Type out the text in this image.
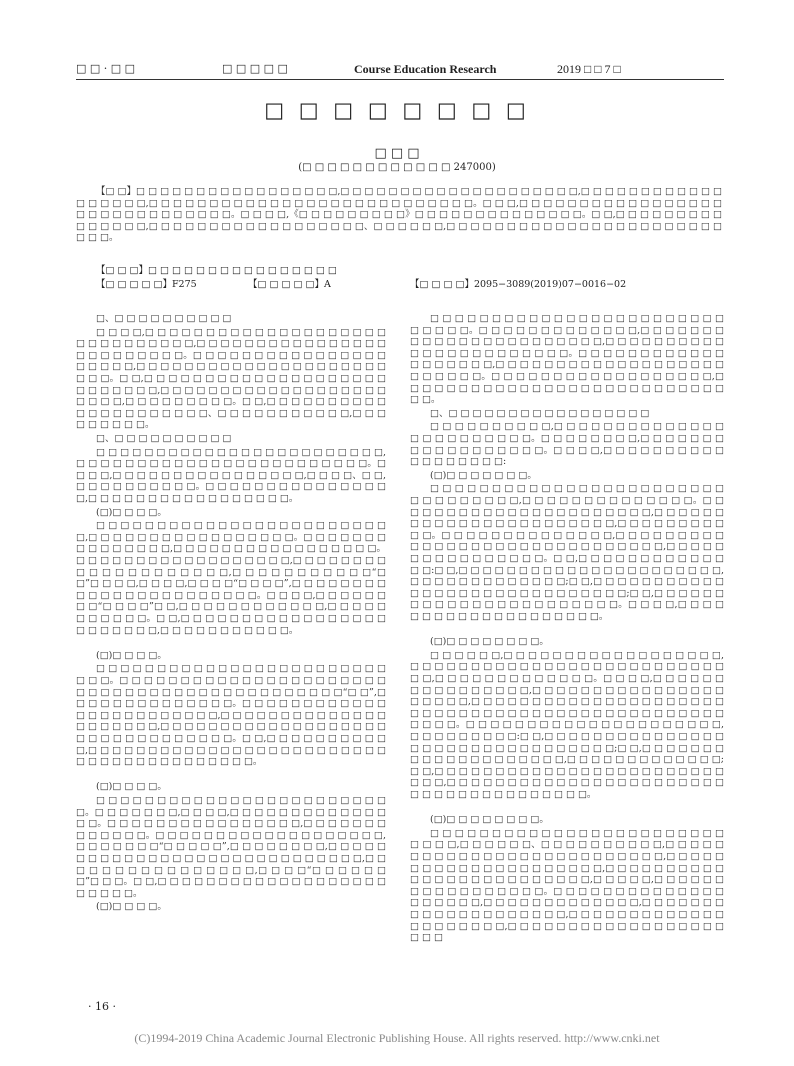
□ □ · □ □	□ □ □ □ □	Course Education Research	2019 □ □ 7 □
□ □ □ □ □ □ □ □
□ □ □
(□ □ □ □ □ □ □ □ □ □ □ □ 247000)
【□ □】□ □ □ □ □ □ □ □ □ □ □ □ □ □ □ □ □,□ □ □ □ □ □ □ □ □ □ □ □ □ □ □ □ □ □ □ □,□ □ □ □ □ □ □ □ □ □ □ □ □ □ □ □ □ □,□ □ □ □ □ □ □ □ □ □ □ □ □ □ □ □ □ □ □ □ □ □ □ □ □ □ □。□ □ □,□ □ □ □ □ □ □ □ □ □ □ □ □ □ □ □ □ □ □ □ □ □ □ □ □ □ □ □ □ □。□ □ □ □,《□ □ □ □ □ □ □ □ □》□ □ □ □ □ □ □ □ □ □ □ □ □ □。□ □,□ □ □ □ □ □ □ □ □ □ □ □ □ □ □,□ □ □ □ □ □ □ □ □ □ □ □ □ □ □ □ □ □、□ □ □ □ □ □,□ □ □ □ □ □ □ □ □ □ □ □ □ □ □ □ □ □ □ □ □ □ □ □ □ □。
【□ □ □】□ □ □ □ □ □ □ □ □ □ □ □ □ □ □ □
【□ □ □ □ □】F275	【□ □ □ □ □】A	【□ □ □ □】2095−3089(2019)07−0016−02
□、□ □ □ □ □ □ □ □ □ □
□ □ □ □,□ □ □ □ □ □ □ □ □ □ □ □ □ □ □ □ □ □ □ □ □ □ □ □ □ □ □ □ □ □,□ □ □ □ □ □ □ □ □ □ □ □ □ □ □ □ □ □ □ □ □ □ □ □ □。□ □ □ □ □ □ □ □ □ □ □ □ □ □ □ □ □ □ □ □ □,□ □ □ □ □ □ □ □ □ □ □ □ □ □ □ □ □ □ □ □ □ □ □ □。□ □,□ □ □ □ □ □ □ □ □ □ □ □ □ □ □ □ □ □ □ □ □ □ □ □ □ □ □,□ □ □ □ □ □ □ □ □ □ □ □ □ □ □ □ □ □ □ □ □ □ □,□ □ □ □ □ □ □ □ □。□ □,□ □ □ □ □ □ □ □ □ □ □ □ □ □ □ □ □ □ □ □ □、□ □ □ □ □ □ □ □ □ □ □,□ □ □ □ □ □ □ □ □。
□、□ □ □ □ □ □ □ □ □ □
□ □ □ □ □ □ □ □ □ □ □ □ □ □ □ □ □ □ □ □ □ □ □ □,□ □ □ □ □ □ □ □ □ □ □ □ □ □ □ □ □ □ □ □ □ □ □ □。□ □ □ □,□ □ □ □ □ □ □ □ □ □ □ □ □ □ □ □,□ □ □ □、□ □,□ □ □ □ □ □ □ □ □ □。□ □ □ □ □ □ □ □ □ □ □ □ □ □ □ □,□ □ □ □ □ □ □ □ □ □ □ □ □ □ □ □ □。
(□)□ □ □ □。
□ □ □ □ □ □ □ □ □ □ □ □ □ □ □ □ □ □ □ □ □ □ □ □ □,□ □ □ □ □ □ □ □ □ □ □ □ □ □ □ □ □。□ □ □ □ □ □ □ □ □ □ □ □ □ □ □,□ □ □ □ □ □ □ □ □ □ □ □ □ □ □ □ □。□ □ □ □ □ □ □ □ □ □ □ □ □ □ □ □ □ □,□ □ □ □ □ □ □ □ □ □ □ □ □ □ □ □ □ □ □ □,□ □ □ □ □ □ □ □ □ □ □“□ □”□ □ □ □,□ □ □ □,□ □ □ □“□ □ □ □”,□ □ □ □ □ □ □ □ □ □ □ □ □ □ □ □ □ □ □ □ □ □ □。□ □ □ □,□ □ □ □ □ □ □ □“□ □ □ □”□ □,□ □ □ □ □ □ □ □ □ □ □ □,□ □ □ □ □ □ □ □ □ □ □。□ □,□ □ □ □ □ □ □ □ □ □ □ □ □ □ □ □ □ □ □ □ □ □ □ □,□ □ □ □ □ □ □ □ □ □ □。
(□)□ □ □ □。
□ □ □ □ □ □ □ □ □ □ □ □ □ □ □ □ □ □ □ □ □ □ □ □ □ □ □。□ □ □ □ □ □ □ □ □ □ □ □ □ □ □ □ □ □ □ □ □ □ □ □ □ □ □ □ □ □ □ □ □ □ □ □ □ □ □ □ □ □ □ □“□ □”,□ □ □ □ □ □ □ □ □ □ □ □ □ □。□ □ □ □ □ □ □ □ □ □ □ □ □ □ □ □ □ □ □ □ □ □ □ □,□ □ □ □ □ □ □ □ □ □ □ □ □ □ □ □ □ □ □ □ □,□ □ □ □ □ □ □ □ □ □ □ □ □ □ □ □ □ □ □ □ □ □ □ □ □ □ □ □ □ □ □ □。□ □,□ □ □ □ □ □ □ □ □ □ □,□ □ □ □ □ □ □ □ □ □ □ □ □ □ □ □ □ □ □ □ □ □ □ □ □ □ □ □ □ □ □ □ □ □ □ □ □ □ □ □。
(□)□ □ □ □。
□ □ □ □ □ □ □ □ □ □ □ □ □ □ □ □ □ □ □ □ □ □ □ □ □。□ □ □ □ □ □ □,□ □ □ □,□ □ □ □ □ □ □ □ □ □ □ □ □ □ □。□ □ □ □ □ □ □ □ □ □ □ □ □ □ □ □,□ □ □ □ □ □ □ □ □ □ □ □ □。□ □ □ □ □ □ □ □ □ □ □ □ □ □ □ □ □ □ □,□ □ □ □ □ □ □“□ □ □ □ □”,□ □ □ □ □ □ □ □,□ □ □ □ □ □ □ □ □ □ □ □ □ □ □ □ □ □ □ □ □ □ □ □ □ □ □ □ □,□ □ □ □ □ □ □ □ □ □ □ □ □ □ □ □,□ □ □ □“□ □ □ □ □ □ □”□ □ □。□ □,□ □ □ □ □ □ □ □ □ □ □ □ □ □ □ □ □ □ □ □ □ □ □ □。
(□)□ □ □ □。
□ □ □ □ □ □ □ □ □ □ □ □ □ □ □ □ □ □ □ □ □ □ □ □ □ □ □ □ □。□ □ □ □ □ □ □ □ □ □ □ □ □,□ □ □ □ □ □ □ □ □ □ □ □ □ □ □ □ □ □ □ □ □ □ □,□ □ □ □ □ □ □ □ □ □ □ □ □ □ □ □ □ □ □ □ □ □ □。□ □ □ □ □ □ □ □ □ □ □ □ □ □ □ □ □ □ □,□ □ □ □ □ □ □ □ □ □ □ □ □ □ □ □ □ □ □ □ □ □ □ □ □。□ □ □ □ □ □ □ □ □ □ □ □ □ □ □ □ □ □,□ □ □ □ □ □ □ □ □ □ □ □ □ □ □ □ □ □ □ □ □ □ □ □ □ □ □ □ □。
□、□ □ □ □ □ □ □ □ □ □ □ □ □ □ □ □ □
□ □ □ □ □ □ □ □ □ □,□ □ □ □ □ □ □ □ □ □ □ □ □ □ □ □ □ □ □ □ □ □ □ □。□ □ □ □ □ □ □ □,□ □ □ □ □ □ □ □ □ □ □ □ □ □ □ □ □ □。□ □ □ □,□ □ □ □ □ □ □ □ □ □ □ □ □ □ □ □ □ □:
(□)□ □ □ □ □ □ □。
□ □ □ □ □ □ □ □ □ □ □ □ □ □ □ □ □ □ □ □ □ □ □ □ □ □ □ □ □ □ □ □ □,□ □ □ □ □ □ □ □ □ □ □ □ □ □。□ □ □ □ □ □ □ □ □ □ □ □ □ □ □ □ □ □ □ □ □ □,□ □ □ □ □ □ □ □ □ □ □ □ □ □ □ □ □ □ □ □ □ □ □,□ □ □ □ □ □ □ □ □ □ □。□ □ □ □ □ □ □ □ □ □ □ □ □ □,□ □ □ □ □ □ □ □ □ □ □ □ □ □ □ □ □ □ □ □ □ □ □ □ □ □ □ □ □ □,□ □ □ □ □ □ □ □ □ □ □ □ □ □ □ □。□ □,□ □ □ □ □ □ □ □ □ □ □ □ □ □:□ □,□ □ □ □ □ □ □ □ □ □ □ □ □ □ □ □ □ □ □ □ □ □,□ □ □ □ □ □ □ □ □ □ □ □ □;□ □,□ □ □ □ □ □ □ □ □ □ □ □ □ □ □ □ □ □ □ □ □ □ □ □ □ □ □ □ □;□ □,□ □ □ □ □ □ □ □ □ □ □ □ □ □ □ □ □ □ □ □ □ □ □。□ □ □ □,□ □ □ □ □ □ □ □ □ □ □ □ □ □ □ □ □ □ □ □。
(□)□ □ □ □ □ □ □ □。
□ □ □ □ □ □,□ □ □ □ □ □ □ □ □ □ □ □ □ □ □ □ □ □,□ □ □ □ □ □ □ □ □ □ □ □ □ □ □ □ □ □ □ □ □ □ □ □ □ □ □ □,□ □ □ □ □ □ □ □ □ □ □ □ □。□ □ □ □,□ □ □ □ □ □ □ □ □ □ □ □ □ □ □ □,□ □ □ □ □ □ □ □ □ □ □ □ □ □ □ □ □ □ □ □ □,□ □ □ □ □ □ □ □ □ □ □ □ □ □ □ □ □ □ □ □ □ □ □ □ □ □ □ □ □ □ □ □ □ □ □ □ □ □ □ □ □ □ □ □ □ □ □ □ □ □ □。□ □ □ □ □ □ □ □ □ □ □ □ □ □ □ □ □ □ □ □ □,□ □ □ □ □ □ □ □ □:□ □,□ □ □ □ □ □ □ □ □ □ □ □ □ □ □ □ □ □ □ □ □ □ □ □ □ □ □ □ □ □ □ □;□ □,□ □ □ □ □ □ □ □ □ □ □ □ □ □ □ □ □ □ □ □,□ □ □ □ □ □ □ □ □ □ □ □ □;□ □,□ □ □ □ □ □ □ □ □ □ □ □ □ □ □ □ □ □ □ □ □ □ □ □ □ □ □,□ □ □ □ □ □ □ □ □ □ □ □ □ □ □ □ □ □ □ □ □ □ □ □ □ □ □ □ □ □ □ □ □ □ □ □ □ □。
(□)□ □ □ □ □ □ □ □。
□ □ □ □ □ □ □ □ □ □ □ □ □ □ □ □ □ □ □ □ □ □ □ □ □ □ □ □,□ □ □ □ □ □、□ □ □ □ □ □ □ □ □ □,□ □ □ □ □ □ □ □ □ □ □ □ □ □ □ □ □ □ □ □ □ □ □ □ □ □,□ □ □ □ □ □ □ □ □ □ □ □ □ □ □ □ □ □ □ □ □,□ □ □ □ □ □ □ □ □ □ □ □ □ □ □ □ □ □ □ □ □ □ □ □ □,□ □ □ □ □,□ □ □ □ □ □ □ □ □ □ □ □ □ □ □ □ □。□ □ □ □ □ □ □ □ □ □ □ □ □ □ □ □ □ □ □ □,□ □ □ □ □ □ □ □ □ □ □ □ □,□ □ □ □ □ □ □ □ □ □ □ □ □ □ □ □ □ □ □ □,□ □ □ □ □ □ □ □ □ □ □ □ □ □ □ □ □ □ □ □ □,□ □ □ □ □ □ □ □ □ □ □ □ □ □ □ □ □ □ □ □ □
· 16 ·
(C)1994-2019 China Academic Journal Electronic Publishing House. All rights reserved. http://www.cnki.net
